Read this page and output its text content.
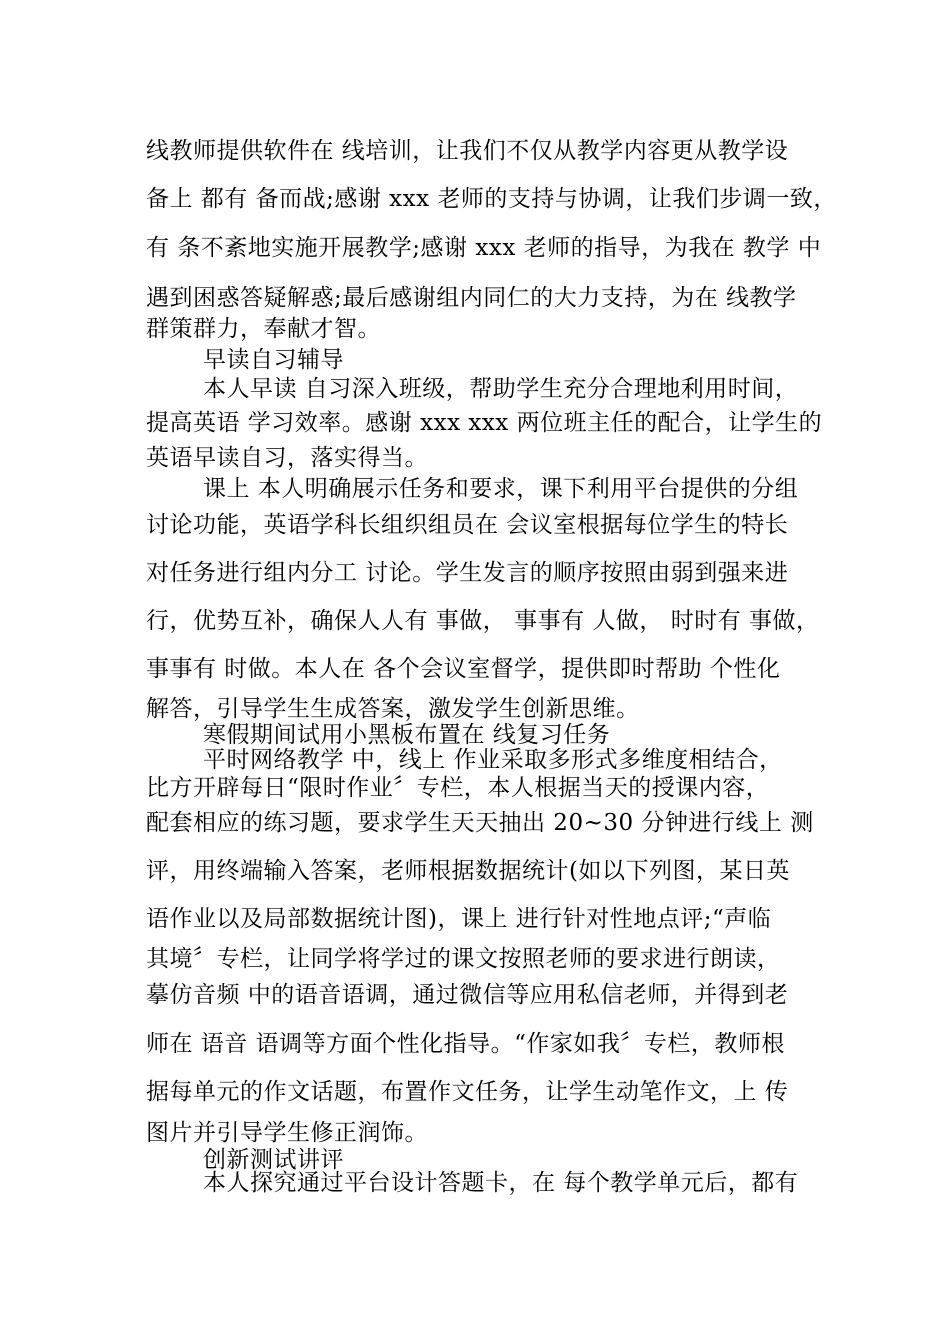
线教师提供软件在 线培训，让我们不仅从教学内容更从教学设
备上 都有 备而战;感谢 xxx 老师的支持与协调，让我们步调一致，
有 条不紊地实施开展教学;感谢 xxx 老师的指导，为我在 教学 中
遇到困惑答疑解惑;最后感谢组内同仁的大力支持，为在 线教学
群策群力，奉献才智。
早读自习辅导
本人早读 自习深入班级，帮助学生充分合理地利用时间，
提高英语 学习效率。感谢 xxx xxx 两位班主任的配合，让学生的
英语早读自习，落实得当。
课上 本人明确展示任务和要求，课下利用平台提供的分组
讨论功能，英语学科长组织组员在 会议室根据每位学生的特长
对任务进行组内分工 讨论。学生发言的顺序按照由弱到强来进
行，优势互补，确保人人有 事做， 事事有 人做， 时时有 事做，
事事有 时做。本人在 各个会议室督学，提供即时帮助 个性化
解答，引导学生生成答案，激发学生创新思维。
寒假期间试用小黑板布置在 线复习任务
平时网络教学 中，线上 作业采取多形式多维度相结合，
比方开辟每日“限时作业〞专栏，本人根据当天的授课内容，
配套相应的练习题，要求学生天天抽出 20~30 分钟进行线上 测
评，用终端输入答案，老师根据数据统计(如以下列图，某日英
语作业以及局部数据统计图)，课上 进行针对性地点评;“声临
其境〞专栏，让同学将学过的课文按照老师的要求进行朗读，
摹仿音频 中的语音语调，通过微信等应用私信老师，并得到老
师在 语音 语调等方面个性化指导。“作家如我〞专栏，教师根
据每单元的作文话题，布置作文任务，让学生动笔作文，上 传
图片并引导学生修正润饰。
创新测试讲评
本人探究通过平台设计答题卡，在 每个教学单元后，都有
